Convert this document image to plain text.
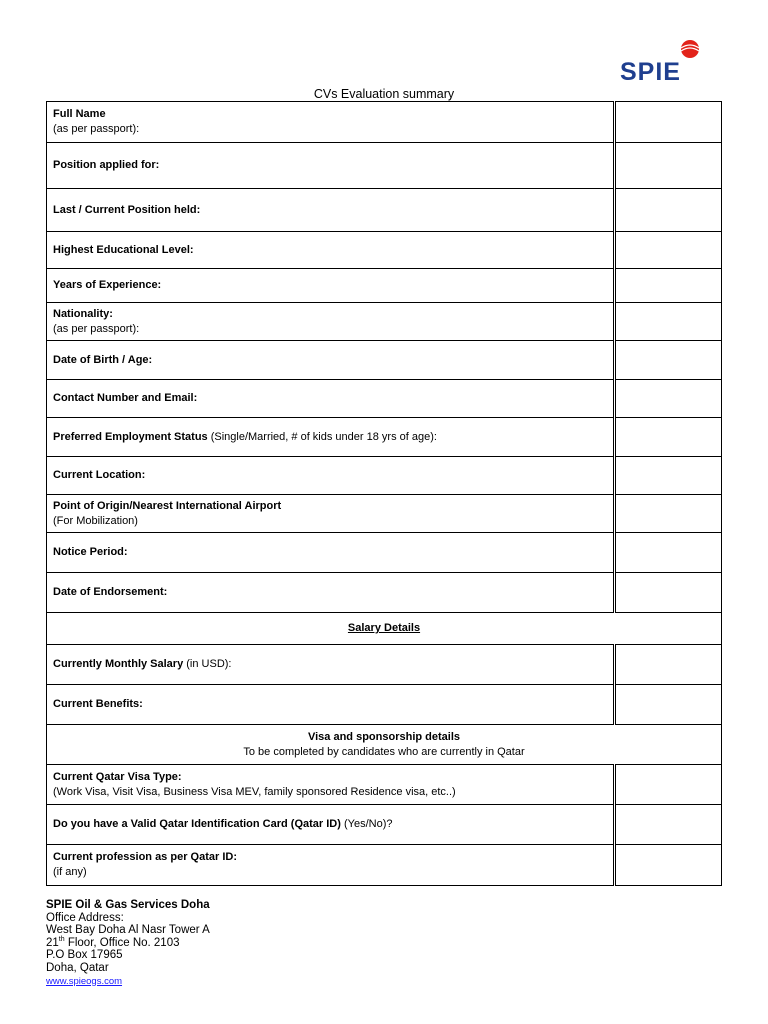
SPIE
CVs Evaluation summary
Full Name
(as per passport):	
Position applied for:	
Last / Current Position held:	
Highest Educational Level:	
Years of Experience:	
Nationality:
(as per passport):	
Date of Birth / Age:	
Contact Number and Email:	
Preferred Employment Status (Single/Married, # of kids under 18 yrs of age):	
Current Location:	
Point of Origin/Nearest International Airport
(For Mobilization)	
Notice Period:	
Date of Endorsement:	
Salary Details	
Currently Monthly Salary (in USD):	
Current Benefits:	
Visa and sponsorship details
To be completed by candidates who are currently in Qatar	
Current Qatar Visa Type:
(Work Visa, Visit Visa, Business Visa MEV, family sponsored Residence visa, etc..)	
Do you have a Valid Qatar Identification Card (Qatar ID) (Yes/No)?	
Current profession as per Qatar ID:
(if any)	
SPIE Oil & Gas Services Doha
Office Address:
West Bay Doha Al Nasr Tower A
21th Floor, Office No. 2103
P.O Box 17965
Doha, Qatar
www.spieogs.com
